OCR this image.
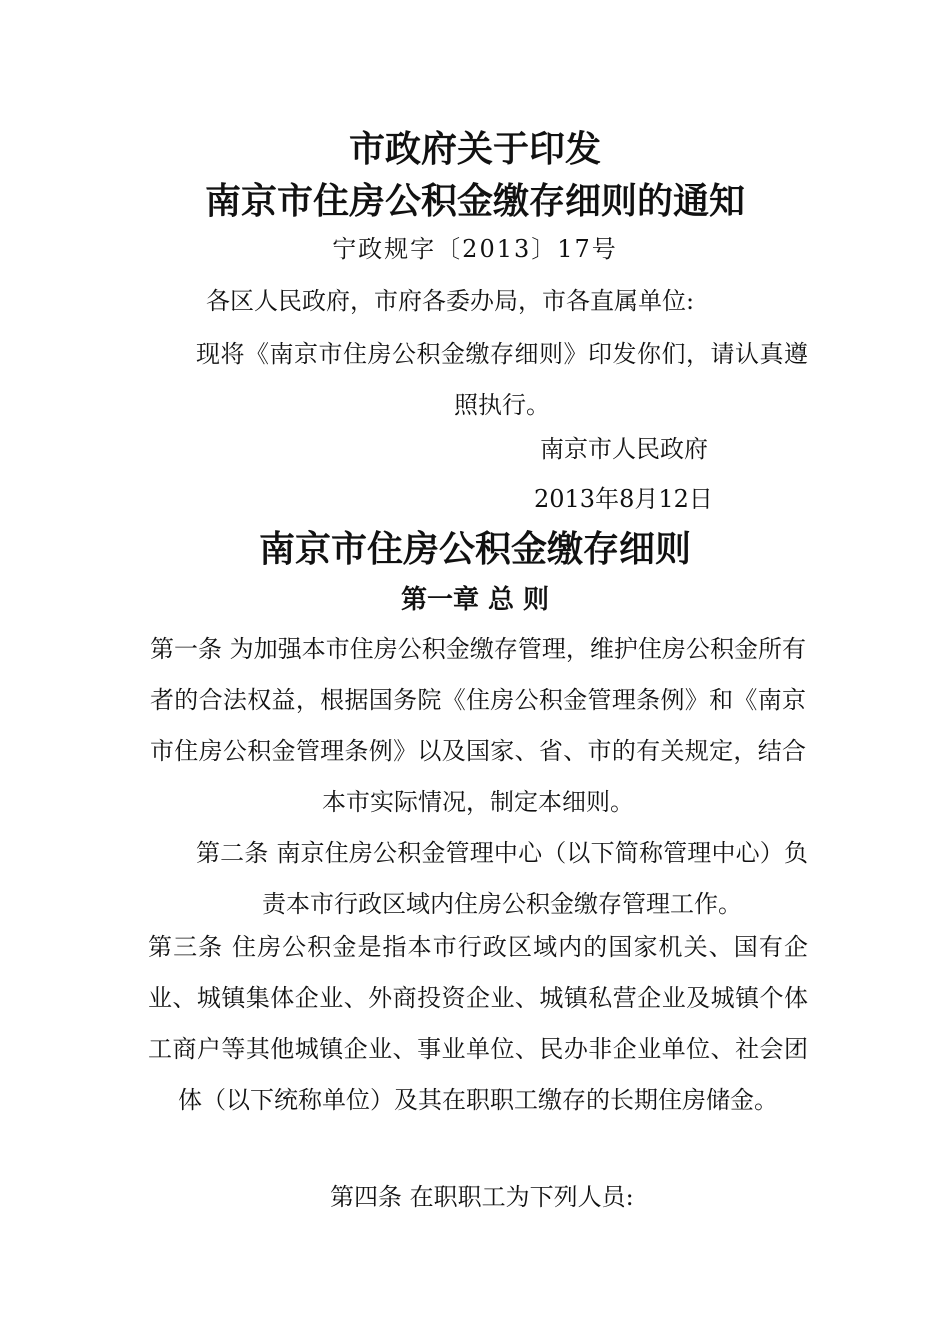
市政府关于印发
南京市住房公积金缴存细则的通知
宁政规字〔2013〕17号
各区人民政府，市府各委办局，市各直属单位:
现将《南京市住房公积金缴存细则》印发你们，请认真遵照执行。
南京市人民政府
2013年8月12日
南京市住房公积金缴存细则
第一章 总 则
第一条 为加强本市住房公积金缴存管理，维护住房公积金所有者的合法权益，根据国务院《住房公积金管理条例》和《南京市住房公积金管理条例》以及国家、省、市的有关规定，结合本市实际情况，制定本细则。
第二条 南京住房公积金管理中心（以下简称管理中心）负责本市行政区域内住房公积金缴存管理工作。
第三条 住房公积金是指本市行政区域内的国家机关、国有企业、城镇集体企业、外商投资企业、城镇私营企业及城镇个体工商户等其他城镇企业、事业单位、民办非企业单位、社会团体（以下统称单位）及其在职职工缴存的长期住房储金。
第四条 在职职工为下列人员:
